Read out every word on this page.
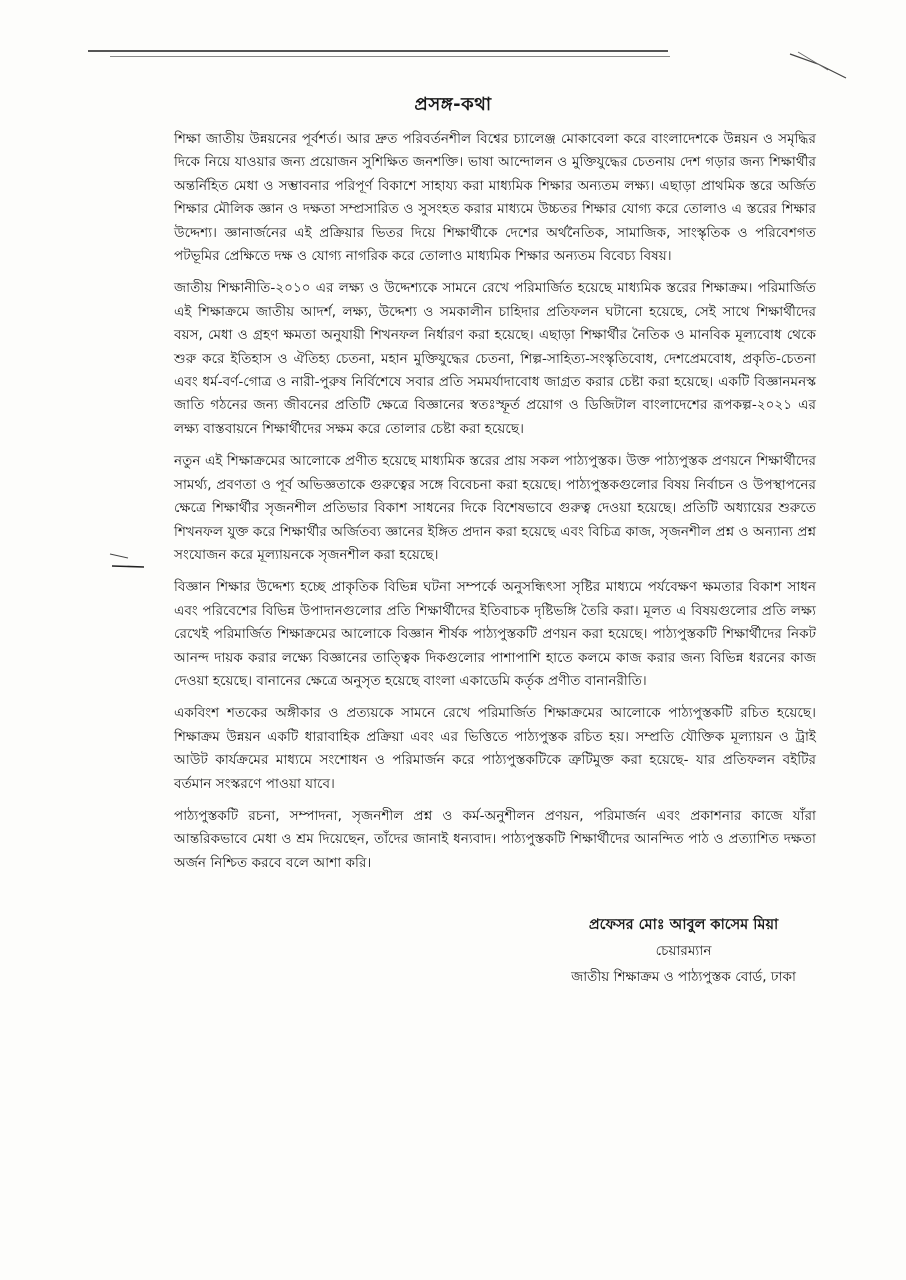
প্রসঙ্গ-কথা

শিক্ষা জাতীয় উন্নয়নের পূর্বশর্ত। আর দ্রুত পরিবর্তনশীল বিশ্বের চ্যালেঞ্জ মোকাবেলা করে বাংলাদেশকে উন্নয়ন ও সমৃদ্ধির দিকে নিয়ে যাওয়ার জন্য প্রয়োজন সুশিক্ষিত জনশক্তি। ভাষা আন্দোলন ও মুক্তিযুদ্ধের চেতনায় দেশ গড়ার জন্য শিক্ষার্থীর অন্তর্নিহিত মেধা ও সম্ভাবনার পরিপূর্ণ বিকাশে সাহায্য করা মাধ্যমিক শিক্ষার অন্যতম লক্ষ্য। এছাড়া প্রাথমিক স্তরে অর্জিত শিক্ষার মৌলিক জ্ঞান ও দক্ষতা সম্প্রসারিত ও সুসংহত করার মাধ্যমে উচ্চতর শিক্ষার যোগ্য করে তোলাও এ স্তরের শিক্ষার উদ্দেশ্য। জ্ঞানার্জনের এই প্রক্রিয়ার ভিতর দিয়ে শিক্ষার্থীকে দেশের অর্থনৈতিক, সামাজিক, সাংস্কৃতিক ও পরিবেশগত পটভূমির প্রেক্ষিতে দক্ষ ও যোগ্য নাগরিক করে তোলাও মাধ্যমিক শিক্ষার অন্যতম বিবেচ্য বিষয়।

জাতীয় শিক্ষানীতি-২০১০ এর লক্ষ্য ও উদ্দেশ্যকে সামনে রেখে পরিমার্জিত হয়েছে মাধ্যমিক স্তরের শিক্ষাক্রম। পরিমার্জিত এই শিক্ষাক্রমে জাতীয় আদর্শ, লক্ষ্য, উদ্দেশ্য ও সমকালীন চাহিদার প্রতিফলন ঘটানো হয়েছে, সেই সাথে শিক্ষার্থীদের বয়স, মেধা ও গ্রহণ ক্ষমতা অনুযায়ী শিখনফল নির্ধারণ করা হয়েছে। এছাড়া শিক্ষার্থীর নৈতিক ও মানবিক মূল্যবোধ থেকে শুরু করে ইতিহাস ও ঐতিহ্য চেতনা, মহান মুক্তিযুদ্ধের চেতনা, শিল্প-সাহিত্য-সংস্কৃতিবোধ, দেশপ্রেমবোধ, প্রকৃতি-চেতনা এবং ধর্ম-বর্ণ-গোত্র ও নারী-পুরুষ নির্বিশেষে সবার প্রতি সমমর্যাদাবোধ জাগ্রত করার চেষ্টা করা হয়েছে। একটি বিজ্ঞানমনস্ক জাতি গঠনের জন্য জীবনের প্রতিটি ক্ষেত্রে বিজ্ঞানের স্বতঃস্ফূর্ত প্রয়োগ ও ডিজিটাল বাংলাদেশের রূপকল্প-২০২১ এর লক্ষ্য বাস্তবায়নে শিক্ষার্থীদের সক্ষম করে তোলার চেষ্টা করা হয়েছে।

নতুন এই শিক্ষাক্রমের আলোকে প্রণীত হয়েছে মাধ্যমিক স্তরের প্রায় সকল পাঠ্যপুস্তক। উক্ত পাঠ্যপুস্তক প্রণয়নে শিক্ষার্থীদের সামর্থ্য, প্রবণতা ও পূর্ব অভিজ্ঞতাকে গুরুত্বের সঙ্গে বিবেচনা করা হয়েছে। পাঠ্যপুস্তকগুলোর বিষয় নির্বাচন ও উপস্থাপনের ক্ষেত্রে শিক্ষার্থীর সৃজনশীল প্রতিভার বিকাশ সাধনের দিকে বিশেষভাবে গুরুত্ব দেওয়া হয়েছে। প্রতিটি অধ্যায়ের শুরুতে শিখনফল যুক্ত করে শিক্ষার্থীর অর্জিতব্য জ্ঞানের ইঙ্গিত প্রদান করা হয়েছে এবং বিচিত্র কাজ, সৃজনশীল প্রশ্ন ও অন্যান্য প্রশ্ন সংযোজন করে মূল্যায়নকে সৃজনশীল করা হয়েছে।

বিজ্ঞান শিক্ষার উদ্দেশ্য হচ্ছে প্রাকৃতিক বিভিন্ন ঘটনা সম্পর্কে অনুসন্ধিৎসা সৃষ্টির মাধ্যমে পর্যবেক্ষণ ক্ষমতার বিকাশ সাধন এবং পরিবেশের বিভিন্ন উপাদানগুলোর প্রতি শিক্ষার্থীদের ইতিবাচক দৃষ্টিভঙ্গি তৈরি করা। মূলত এ বিষয়গুলোর প্রতি লক্ষ্য রেখেই পরিমার্জিত শিক্ষাক্রমের আলোকে বিজ্ঞান শীর্ষক পাঠ্যপুস্তকটি প্রণয়ন করা হয়েছে। পাঠ্যপুস্তকটি শিক্ষার্থীদের নিকট আনন্দ দায়ক করার লক্ষ্যে বিজ্ঞানের তাত্ত্বিক দিকগুলোর পাশাপাশি হাতে কলমে কাজ করার জন্য বিভিন্ন ধরনের কাজ দেওয়া হয়েছে। বানানের ক্ষেত্রে অনুসৃত হয়েছে বাংলা একাডেমি কর্তৃক প্রণীত বানানরীতি।

একবিংশ শতকের অঙ্গীকার ও প্রত্যয়কে সামনে রেখে পরিমার্জিত শিক্ষাক্রমের আলোকে পাঠ্যপুস্তকটি রচিত হয়েছে। শিক্ষাক্রম উন্নয়ন একটি ধারাবাহিক প্রক্রিয়া এবং এর ভিত্তিতে পাঠ্যপুস্তক রচিত হয়। সম্প্রতি যৌক্তিক মূল্যায়ন ও ট্রাই আউট কার্যক্রমের মাধ্যমে সংশোধন ও পরিমার্জন করে পাঠ্যপুস্তকটিকে ত্রুটিমুক্ত করা হয়েছে- যার প্রতিফলন বইটির বর্তমান সংস্করণে পাওয়া যাবে।

পাঠ্যপুস্তকটি রচনা, সম্পাদনা, সৃজনশীল প্রশ্ন ও কর্ম-অনুশীলন প্রণয়ন, পরিমার্জন এবং প্রকাশনার কাজে যাঁরা আন্তরিকভাবে মেধা ও শ্রম দিয়েছেন, তাঁদের জানাই ধন্যবাদ। পাঠ্যপুস্তকটি শিক্ষার্থীদের আনন্দিত পাঠ ও প্রত্যাশিত দক্ষতা অর্জন নিশ্চিত করবে বলে আশা করি।

প্রফেসর মোঃ আবুল কাসেম মিয়া
চেয়ারম্যান
জাতীয় শিক্ষাক্রম ও পাঠ্যপুস্তক বোর্ড, ঢাকা
